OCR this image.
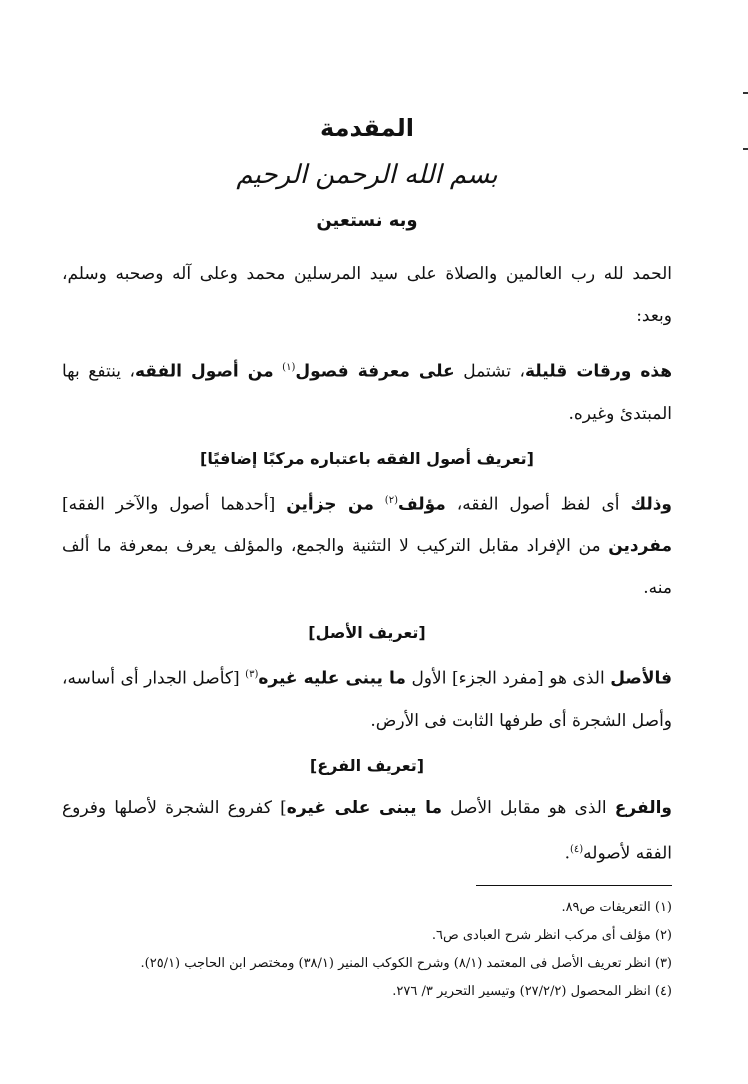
المقدمة
بسم الله الرحمن الرحيم
وبه نستعين

الحمد لله رب العالمين والصلاة على سيد المرسلين محمد وعلى آله وصحبه وسلم، وبعد:

هذه ورقات قليلة، تشتمل على معرفة فصول$^{(١)}$ من أصول الفقه، ينتفع بها المبتدئ وغيره.

[تعريف أصول الفقه باعتباره مركبًا إضافيًا]

وذلك أى لفظ أصول الفقه، مؤلف$^{(٢)}$ من جزأين [أحدهما أصول والآخر الفقه] مفردين من الإفراد مقابل التركيب لا التثنية والجمع، والمؤلف يعرف بمعرفة ما ألف منه.

[تعريف الأصل]

فالأصل الذى هو [مفرد الجزء] الأول ما يبنى عليه غيره$^{(٣)}$ [كأصل الجدار أى أساسه، وأصل الشجرة أى طرفها الثابت فى الأرض.

[تعريف الفرع]

والفرع الذى هو مقابل الأصل ما يبنى على غيره] كفروع الشجرة لأصلها وفروع الفقه لأصوله$^{(٤)}$.

(١) التعريفات ص٨٩.

(٢) مؤلف أى مركب انظر شرح العبادى ص٦.

(٣) انظر تعريف الأصل فى المعتمد (٨/١) وشرح الكوكب المنير (٣٨/١) ومختصر ابن الحاجب (٢٥/١).

(٤) انظر المحصول (٢٧/٢/٢) وتيسير التحرير ٣/ ٢٧٦.
